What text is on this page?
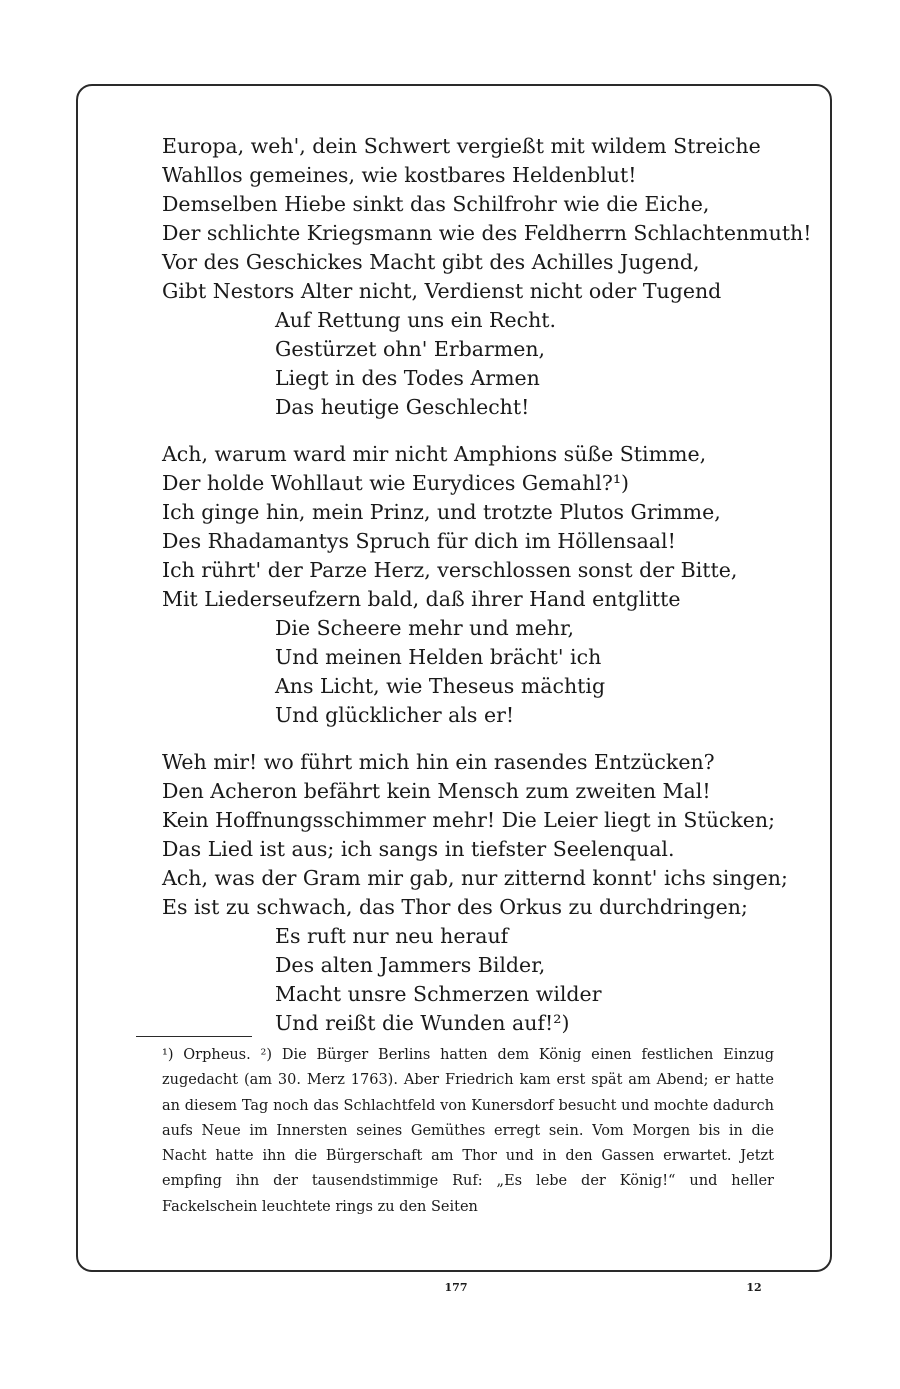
Europa, weh', dein Schwert vergießt mit wildem Streiche
Wahllos gemeines, wie kostbares Heldenblut!
Demselben Hiebe sinkt das Schilfrohr wie die Eiche,
Der schlichte Kriegsmann wie des Feldherrn Schlachtenmuth!
Vor des Geschickes Macht gibt des Achilles Jugend,
Gibt Nestors Alter nicht, Verdienst nicht oder Tugend
Auf Rettung uns ein Recht.
Gestürzet ohn' Erbarmen,
Liegt in des Todes Armen
Das heutige Geschlecht!
Ach, warum ward mir nicht Amphions süße Stimme,
Der holde Wohllaut wie Eurydices Gemahl?¹)
Ich ginge hin, mein Prinz, und trotzte Plutos Grimme,
Des Rhadamantys Spruch für dich im Höllensaal!
Ich rührt' der Parze Herz, verschlossen sonst der Bitte,
Mit Liederseufzern bald, daß ihrer Hand entglitte
Die Scheere mehr und mehr,
Und meinen Helden brächt' ich
Ans Licht, wie Theseus mächtig
Und glücklicher als er!
Weh mir! wo führt mich hin ein rasendes Entzücken?
Den Acheron befährt kein Mensch zum zweiten Mal!
Kein Hoffnungsschimmer mehr! Die Leier liegt in Stücken;
Das Lied ist aus; ich sangs in tiefster Seelenqual.
Ach, was der Gram mir gab, nur zitternd konnt' ichs singen;
Es ist zu schwach, das Thor des Orkus zu durchdringen;
Es ruft nur neu herauf
Des alten Jammers Bilder,
Macht unsre Schmerzen wilder
Und reißt die Wunden auf!²)
¹) Orpheus. ²) Die Bürger Berlins hatten dem König einen festlichen Einzug zugedacht (am 30. Merz 1763). Aber Friedrich kam erst spät am Abend; er hatte an diesem Tag noch das Schlachtfeld von Kunersdorf besucht und mochte dadurch aufs Neue im Innersten seines Gemüthes erregt sein. Vom Morgen bis in die Nacht hatte ihn die Bürgerschaft am Thor und in den Gassen erwartet. Jetzt empfing ihn der tausendstimmige Ruf: „Es lebe der König!“ und heller Fackelschein leuchtete rings zu den Seiten
177	12
